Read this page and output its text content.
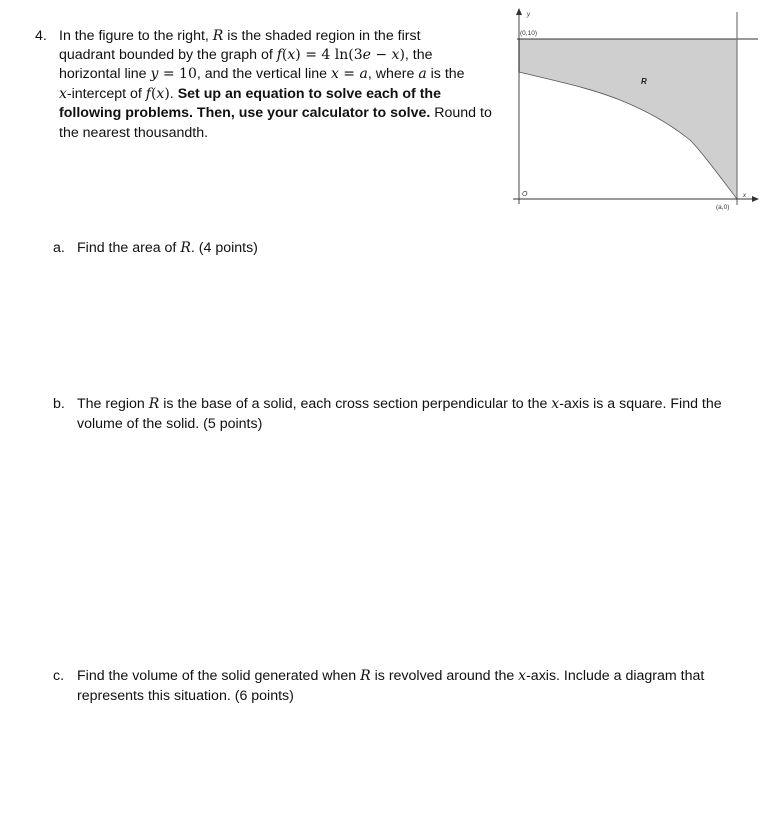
4. In the figure to the right, R is the shaded region in the first
quadrant bounded by the graph of f(x) = 4 ln(3e − x), the
horizontal line y = 10, and the vertical line x = a, where a is the
x-intercept of f(x). Set up an equation to solve each of the
following problems. Then, use your calculator to solve. Round to
the nearest thousandth.
y
x
(0,10)
R
O
(a,0)
a. Find the area of R. (4 points)
b. The region R is the base of a solid, each cross section perpendicular to the x-axis is a square. Find the
volume of the solid. (5 points)
c. Find the volume of the solid generated when R is revolved around the x-axis. Include a diagram that
represents this situation. (6 points)
